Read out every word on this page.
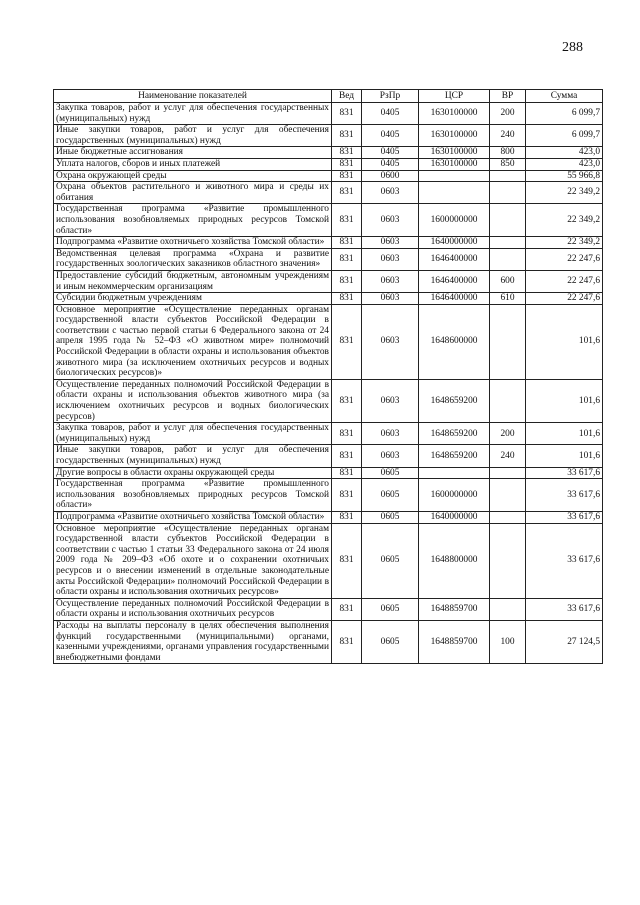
288
Наименование показателей	Вед	РзПр	ЦСР	ВР	Сумма
Закупка товаров, работ и услуг для обеспечения государственных (муниципальных) нужд	831	0405	1630100000	200	6 099,7
Иные закупки товаров, работ и услуг для обеспечения государственных (муниципальных) нужд	831	0405	1630100000	240	6 099,7
Иные бюджетные ассигнования	831	0405	1630100000	800	423,0
Уплата налогов, сборов и иных платежей	831	0405	1630100000	850	423,0
Охрана окружающей среды	831	0600			55 966,8
Охрана объектов растительного и животного мира и среды их обитания	831	0603			22 349,2
Государственная программа «Развитие промышленного использования возобновляемых природных ресурсов Томской области»	831	0603	1600000000		22 349,2
Подпрограмма «Развитие охотничьего хозяйства Томской области»	831	0603	1640000000		22 349,2
Ведомственная целевая программа «Охрана и развитие государственных зоологических заказников областного значения»	831	0603	1646400000		22 247,6
Предоставление субсидий бюджетным, автономным учреждениям и иным некоммерческим организациям	831	0603	1646400000	600	22 247,6
Субсидии бюджетным учреждениям	831	0603	1646400000	610	22 247,6
Основное мероприятие «Осуществление переданных органам государственной власти субъектов Российской Федерации в соответствии с частью первой статьи 6 Федерального закона от 24 апреля 1995 года № 52–ФЗ «О животном мире» полномочий Российской Федерации в области охраны и использования объектов животного мира (за исключением охотничьих ресурсов и водных биологических ресурсов)»	831	0603	1648600000		101,6
Осуществление переданных полномочий Российской Федерации в области охраны и использования объектов животного мира (за исключением охотничьих ресурсов и водных биологических ресурсов)	831	0603	1648659200		101,6
Закупка товаров, работ и услуг для обеспечения государственных (муниципальных) нужд	831	0603	1648659200	200	101,6
Иные закупки товаров, работ и услуг для обеспечения государственных (муниципальных) нужд	831	0603	1648659200	240	101,6
Другие вопросы в области охраны окружающей среды	831	0605			33 617,6
Государственная программа «Развитие промышленного использования возобновляемых природных ресурсов Томской области»	831	0605	1600000000		33 617,6
Подпрограмма «Развитие охотничьего хозяйства Томской области»	831	0605	1640000000		33 617,6
Основное мероприятие «Осуществление переданных органам государственной власти субъектов Российской Федерации в соответствии с частью 1 статьи 33 Федерального закона от 24 июля 2009 года № 209–ФЗ «Об охоте и о сохранении охотничьих ресурсов и о внесении изменений в отдельные законодательные акты Российской Федерации» полномочий Российской Федерации в области охраны и использования охотничьих ресурсов»	831	0605	1648800000		33 617,6
Осуществление переданных полномочий Российской Федерации в области охраны и использования охотничьих ресурсов	831	0605	1648859700		33 617,6
Расходы на выплаты персоналу в целях обеспечения выполнения функций государственными (муниципальными) органами, казенными учреждениями, органами управления государственными внебюджетными фондами	831	0605	1648859700	100	27 124,5
